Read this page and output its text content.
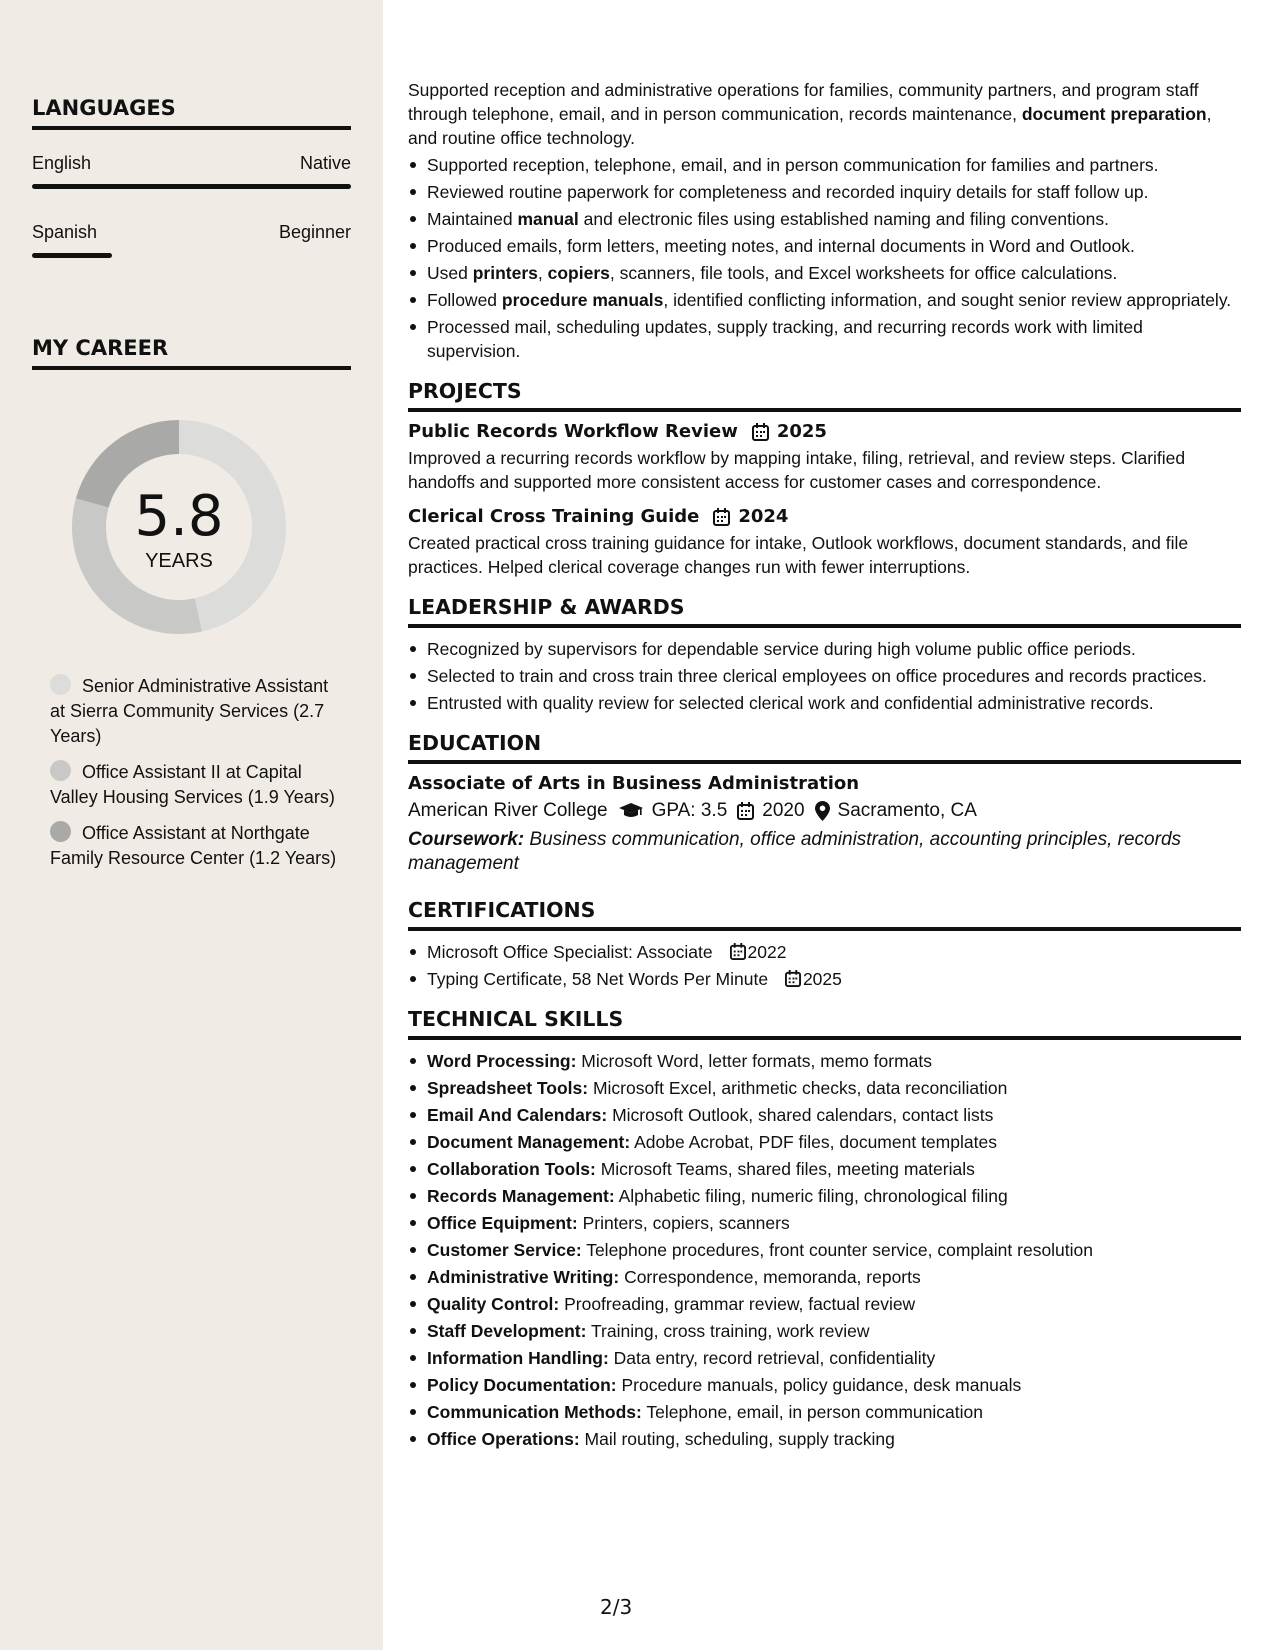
LANGUAGES
English	Native
Spanish	Beginner
MY CAREER
5.8
YEARS
Senior Administrative Assistant at Sierra Community Services (2.7 Years)
Office Assistant II at Capital Valley Housing Services (1.9 Years)
Office Assistant at Northgate Family Resource Center (1.2 Years)

Supported reception and administrative operations for families, community partners, and program staff through telephone, email, and in person communication, records maintenance, document preparation, and routine office technology.

Supported reception, telephone, email, and in person communication for families and partners.
Reviewed routine paperwork for completeness and recorded inquiry details for staff follow up.
Maintained manual and electronic files using established naming and filing conventions.
Produced emails, form letters, meeting notes, and internal documents in Word and Outlook.
Used printers, copiers, scanners, file tools, and Excel worksheets for office calculations.
Followed procedure manuals, identified conflicting information, and sought senior review appropriately.
Processed mail, scheduling updates, supply tracking, and recurring records work with limited supervision.
PROJECTS
Public Records Workflow Review 2025

Improved a recurring records workflow by mapping intake, filing, retrieval, and review steps. Clarified handoffs and supported more consistent access for customer cases and correspondence.

Clerical Cross Training Guide 2024

Created practical cross training guidance for intake, Outlook workflows, document standards, and file practices. Helped clerical coverage changes run with fewer interruptions.

LEADERSHIP & AWARDS
Recognized by supervisors for dependable service during high volume public office periods.
Selected to train and cross train three clerical employees on office procedures and records practices.
Entrusted with quality review for selected clerical work and confidential administrative records.
EDUCATION
Associate of Arts in Business Administration
American River College GPA: 3.5 2020 Sacramento, CA

Coursework: Business communication, office administration, accounting principles, records management

CERTIFICATIONS
Microsoft Office Specialist: Associate 2022
Typing Certificate, 58 Net Words Per Minute 2025
TECHNICAL SKILLS
Word Processing: Microsoft Word, letter formats, memo formats
Spreadsheet Tools: Microsoft Excel, arithmetic checks, data reconciliation
Email And Calendars: Microsoft Outlook, shared calendars, contact lists
Document Management: Adobe Acrobat, PDF files, document templates
Collaboration Tools: Microsoft Teams, shared files, meeting materials
Records Management: Alphabetic filing, numeric filing, chronological filing
Office Equipment: Printers, copiers, scanners
Customer Service: Telephone procedures, front counter service, complaint resolution
Administrative Writing: Correspondence, memoranda, reports
Quality Control: Proofreading, grammar review, factual review
Staff Development: Training, cross training, work review
Information Handling: Data entry, record retrieval, confidentiality
Policy Documentation: Procedure manuals, policy guidance, desk manuals
Communication Methods: Telephone, email, in person communication
Office Operations: Mail routing, scheduling, supply tracking
2/3
